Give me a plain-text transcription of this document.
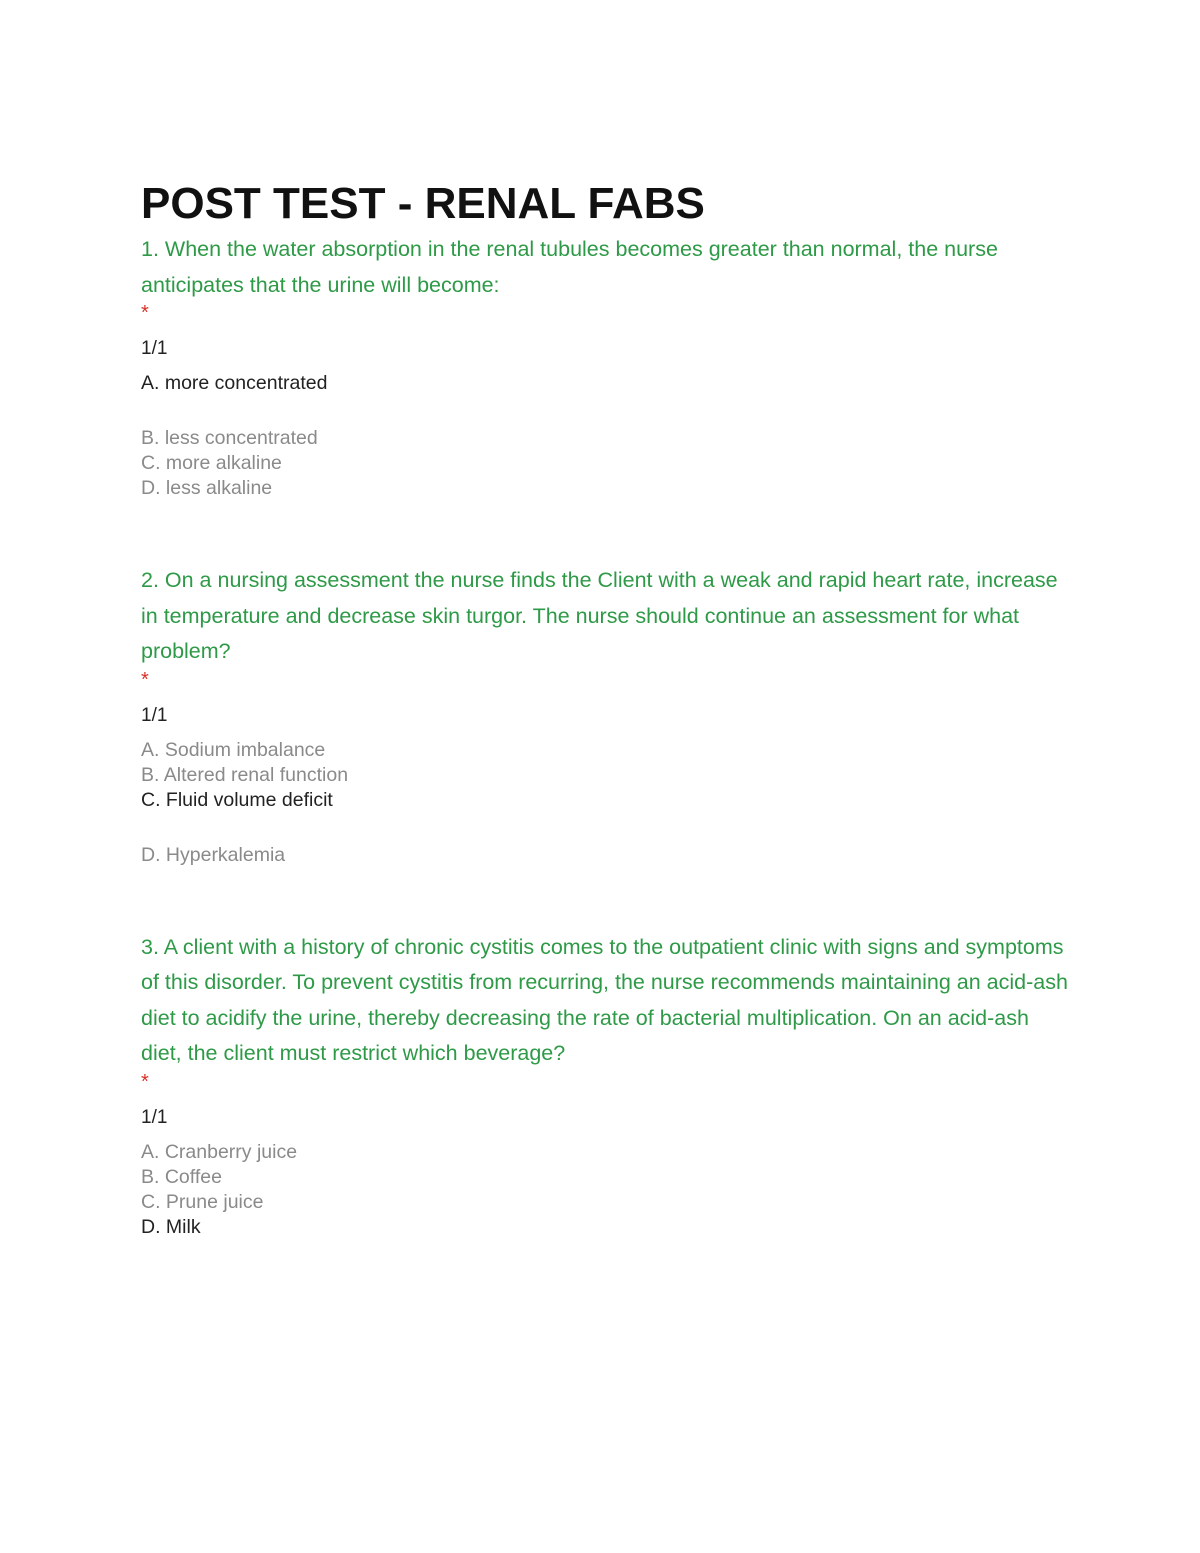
POST TEST - RENAL FABS

1. When the water absorption in the renal tubules becomes greater than normal, the nurse anticipates that the urine will become:

*
1/1

A. more concentrated

B. less concentrated

C. more alkaline

D. less alkaline

2. On a nursing assessment the nurse finds the Client with a weak and rapid heart rate, increase in temperature and decrease skin turgor. The nurse should continue an assessment for what problem?

*
1/1

A. Sodium imbalance

B. Altered renal function

C. Fluid volume deficit

D. Hyperkalemia

3. A client with a history of chronic cystitis comes to the outpatient clinic with signs and symptoms of this disorder. To prevent cystitis from recurring, the nurse recommends maintaining an acid-ash diet to acidify the urine, thereby decreasing the rate of bacterial multiplication. On an acid-ash diet, the client must restrict which beverage?

*
1/1

A. Cranberry juice

B. Coffee

C. Prune juice

D. Milk
